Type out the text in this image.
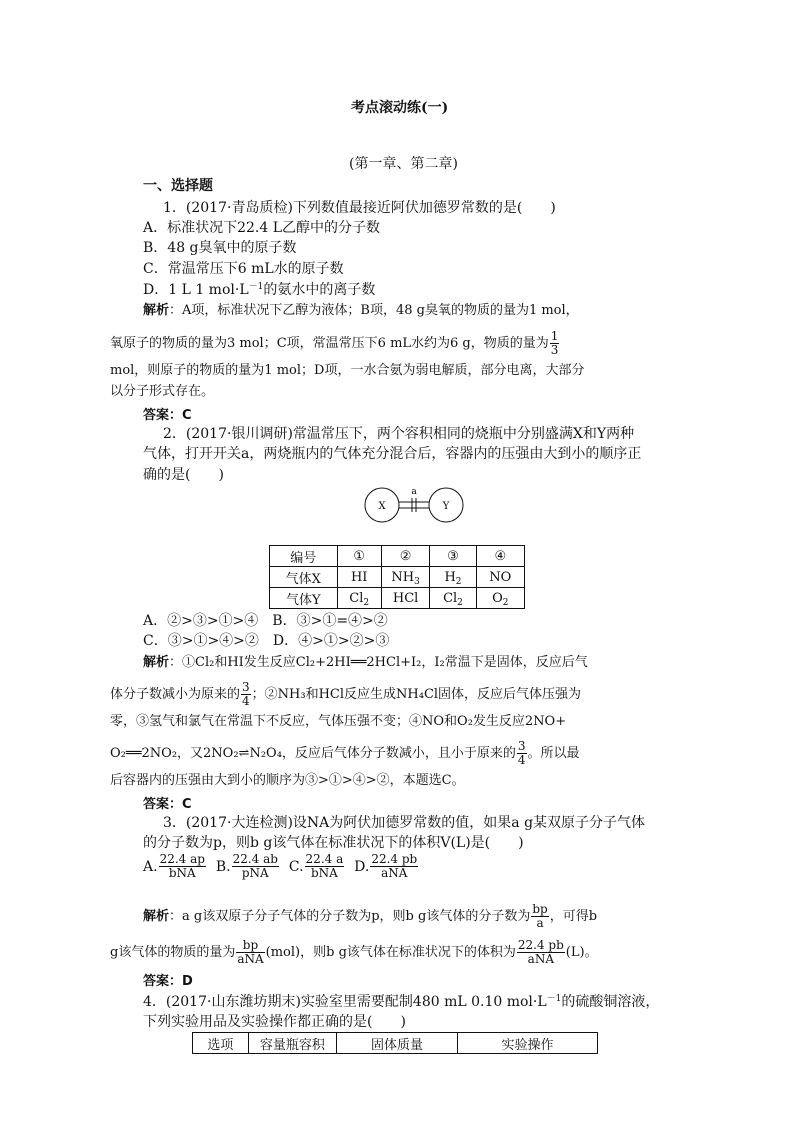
考点滚动练(一)
(第一章、第二章)
一、选择题
1．(2017·青岛质检)下列数值最接近阿伏加德罗常数的是(　　)
A．标准状况下22.4 L乙醇中的分子数
B．48 g臭氧中的原子数
C．常温常压下6 mL水的原子数
D．1 L 1 $mol\cdot L^{-1}$的氨水中的离子数
解析：A项，标准状况下乙醇为液体；B项，48 g臭氧的物质的量为1 mol，
氧原子的物质的量为3 mol；C项，常温常压下6 mL水约为6 g，物质的量为 $\frac{1}{3}$
mol，则原子的物质的量为1 mol；D项，一水合氨为弱电解质，部分电离，大部分
以分子形式存在。
答案：C
2．(2017·银川调研)常温常压下，两个容积相同的烧瓶中分别盛满X和Y两种
气体，打开开关a，两烧瓶内的气体充分混合后，容器内的压强由大到小的顺序正
确的是(　　)
X	Y
a
编号	①	②	③	④
气体X	HI	$NH_3$	$H_2$	NO
气体Y	$Cl_2$	HCl	$Cl_2$	$O_2$
A．②>③>①>④　B．③>①=④>②
C．③>①>④>②　D．④>①>②>③
解析：①Cl₂和HI发生反应Cl₂+2HI══2HCl+I₂，I₂常温下是固体，反应后气
体分子数减小为原来的 $\frac{3}{4}$ ；②NH₃和HCl反应生成NH₄Cl固体，反应后气体压强为
零，③氢气和氯气在常温下不反应，气体压强不变；④NO和O₂发生反应2NO+
O₂══2NO₂，又2NO₂⇌N₂O₄，反应后气体分子数减小，且小于原来的 $\frac{3}{4}$ 。所以最
后容器内的压强由大到小的顺序为③>①>④>②，本题选C。
答案：C
3．(2017·大连检测)设NA为阿伏加德罗常数的值，如果a g某双原子分子气体
的分子数为p，则b g该气体在标准状况下的体积V(L)是(　　)
A. $\frac{22.4 ap}{\text{bNA}} B$. $\frac{22.4 ab}{\text{pNA}} C$. $\frac{22.4 a}{\text{bNA}} D$. $\frac{22.4 pb}{\text{aNA}}$
解析：a g该双原子分子气体的分子数为p，则b g该气体的分子数为 $\frac{bp}{a}$ ，可得b
g该气体的物质的量为 $\frac{bp}{\text{aNA}} (mol)$，则b g该气体在标准状况下的体积为 $\frac{22.4 pb}{\text{aNA}} (L)$。
答案：D
4．(2017·山东潍坊期末)实验室里需要配制480 mL 0.10 $mol\cdot L^{-1}$的硫酸铜溶液，
下列实验用品及实验操作都正确的是(　　)
选项	容量瓶容积	固体质量	实验操作
